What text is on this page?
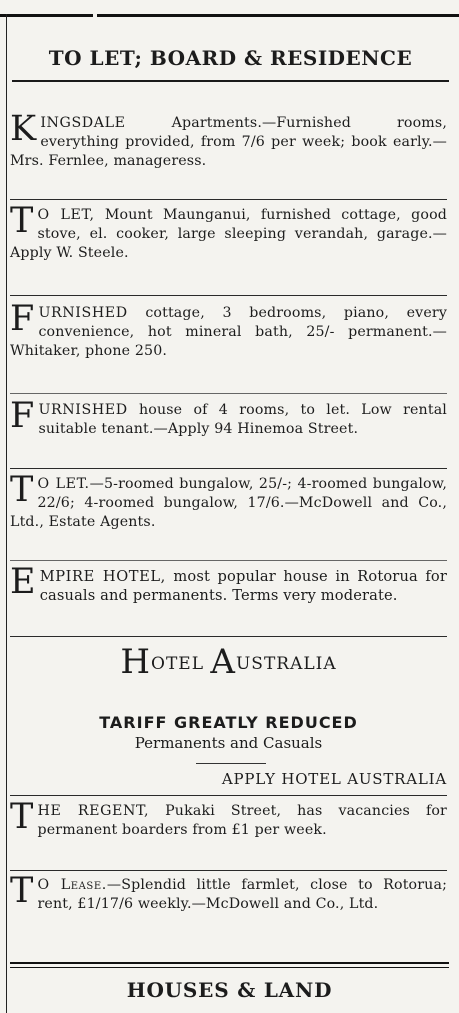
TO LET; BOARD & RESIDENCE
KINGSDALE Apartments.—Furnished rooms, everything provided, from 7/6 per week; book early.—Mrs. Fernlee, manageress.
T O LET, Mount Maunganui, furnished cottage, good stove, el. cooker, large sleeping verandah, garage.—Apply W. Steele.
FURNISHED cottage, 3 bedrooms, piano, every convenience, hot mineral bath, 25/- permanent.—Whitaker, phone 250.
FURNISHED house of 4 rooms, to let. Low rental suitable tenant.—Apply 94 Hinemoa Street.
T O LET.—5-roomed bungalow, 25/-; 4-roomed bungalow, 22/6; 4-roomed bungalow, 17/6.—McDowell and Co., Ltd., Estate Agents.
EMPIRE HOTEL, most popular house in Rotorua for casuals and permanents. Terms very moderate.
HOTEL AUSTRALIA
TARIFF GREATLY REDUCED
Permanents and Casuals
APPLY HOTEL AUSTRALIA
THE REGENT, Pukaki Street, has vacancies for permanent boarders from £1 per week.
T O Lease.—Splendid little farmlet, close to Rotorua; rent, £1/17/6 weekly.—McDowell and Co., Ltd.
HOUSES & LAND
